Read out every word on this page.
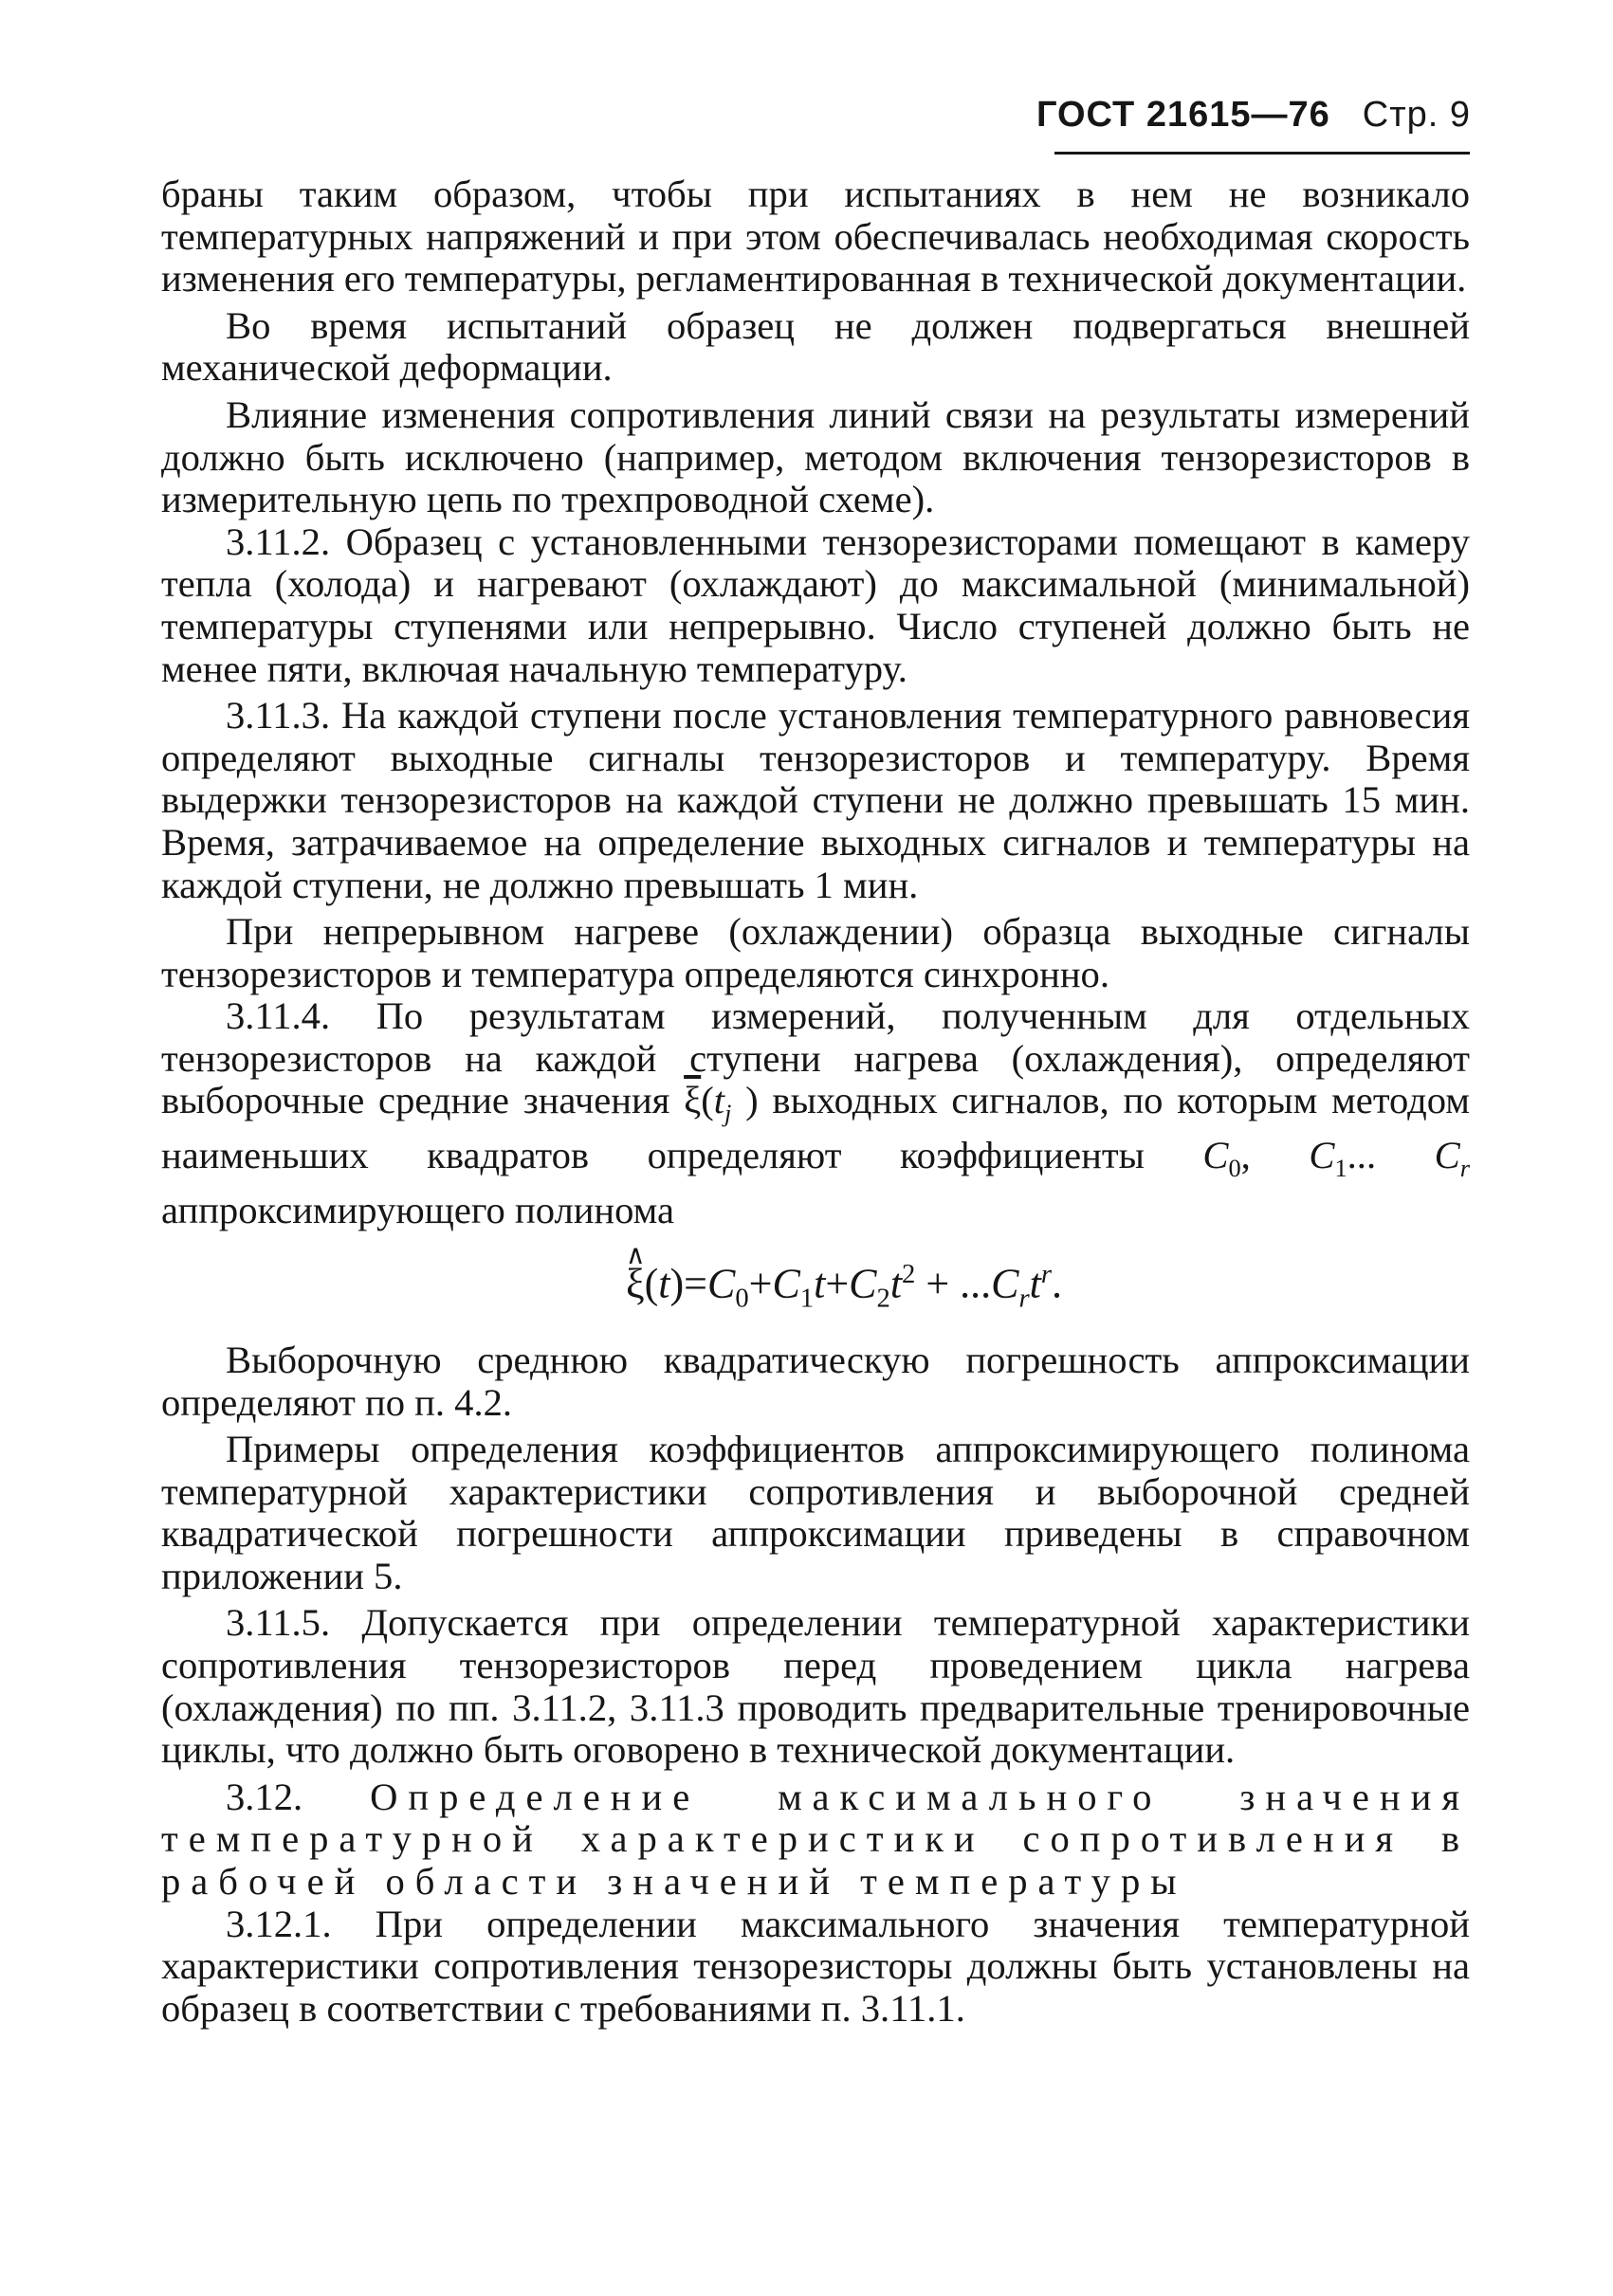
ГОСТ 21615—76 Стр. 9

браны таким образом, чтобы при испытаниях в нем не возникало температурных напряжений и при этом обеспечивалась необходимая скорость изменения его температуры, регламентированная в технической документации.

Во время испытаний образец не должен подвергаться внешней механической деформации.

Влияние изменения сопротивления линий связи на результаты измерений должно быть исключено (например, методом включения тензорезисторов в измерительную цепь по трехпроводной схеме).

3.11.2. Образец с установленными тензорезисторами помещают в камеру тепла (холода) и нагревают (охлаждают) до максимальной (минимальной) температуры ступенями или непрерывно. Число ступеней должно быть не менее пяти, включая начальную температуру.

3.11.3. На каждой ступени после установления температурного равновесия определяют выходные сигналы тензорезисторов и температуру. Время выдержки тензорезисторов на каждой ступени не должно превышать 15 мин. Время, затрачиваемое на определение выходных сигналов и температуры на каждой ступени, не должно превышать 1 мин.

При непрерывном нагреве (охлаждении) образца выходные сигналы тензорезисторов и температура определяются синхронно.

3.11.4. По результатам измерений, полученным для отдельных тензорезисторов на каждой ступени нагрева (охлаждения), определяют выборочные средние значения $\overline{\xi}(t_j$ ) выходных сигналов, по которым методом наименьших квадратов определяют коэффициенты $C_0$, $C_1$... $C_r$ аппроксимирующего полинома

∧ $\xi(t)=C_0+C_1t+C_2t^2 + ...C_rt^r$.

Выборочную среднюю квадратическую погрешность аппроксимации определяют по п. 4.2.

Примеры определения коэффициентов аппроксимирующего полинома температурной характеристики сопротивления и выборочной средней квадратической погрешности аппроксимации приведены в справочном приложении 5.

3.11.5. Допускается при определении температурной характеристики сопротивления тензорезисторов перед проведением цикла нагрева (охлаждения) по пп. 3.11.2, 3.11.3 проводить предварительные тренировочные циклы, что должно быть оговорено в технической документации.

3.12. Определение максимального значения температурной характеристики сопротивления в рабочей области значений температуры

3.12.1. При определении максимального значения температурной характеристики сопротивления тензорезисторы должны быть установлены на образец в соответствии с требованиями п. 3.11.1.
